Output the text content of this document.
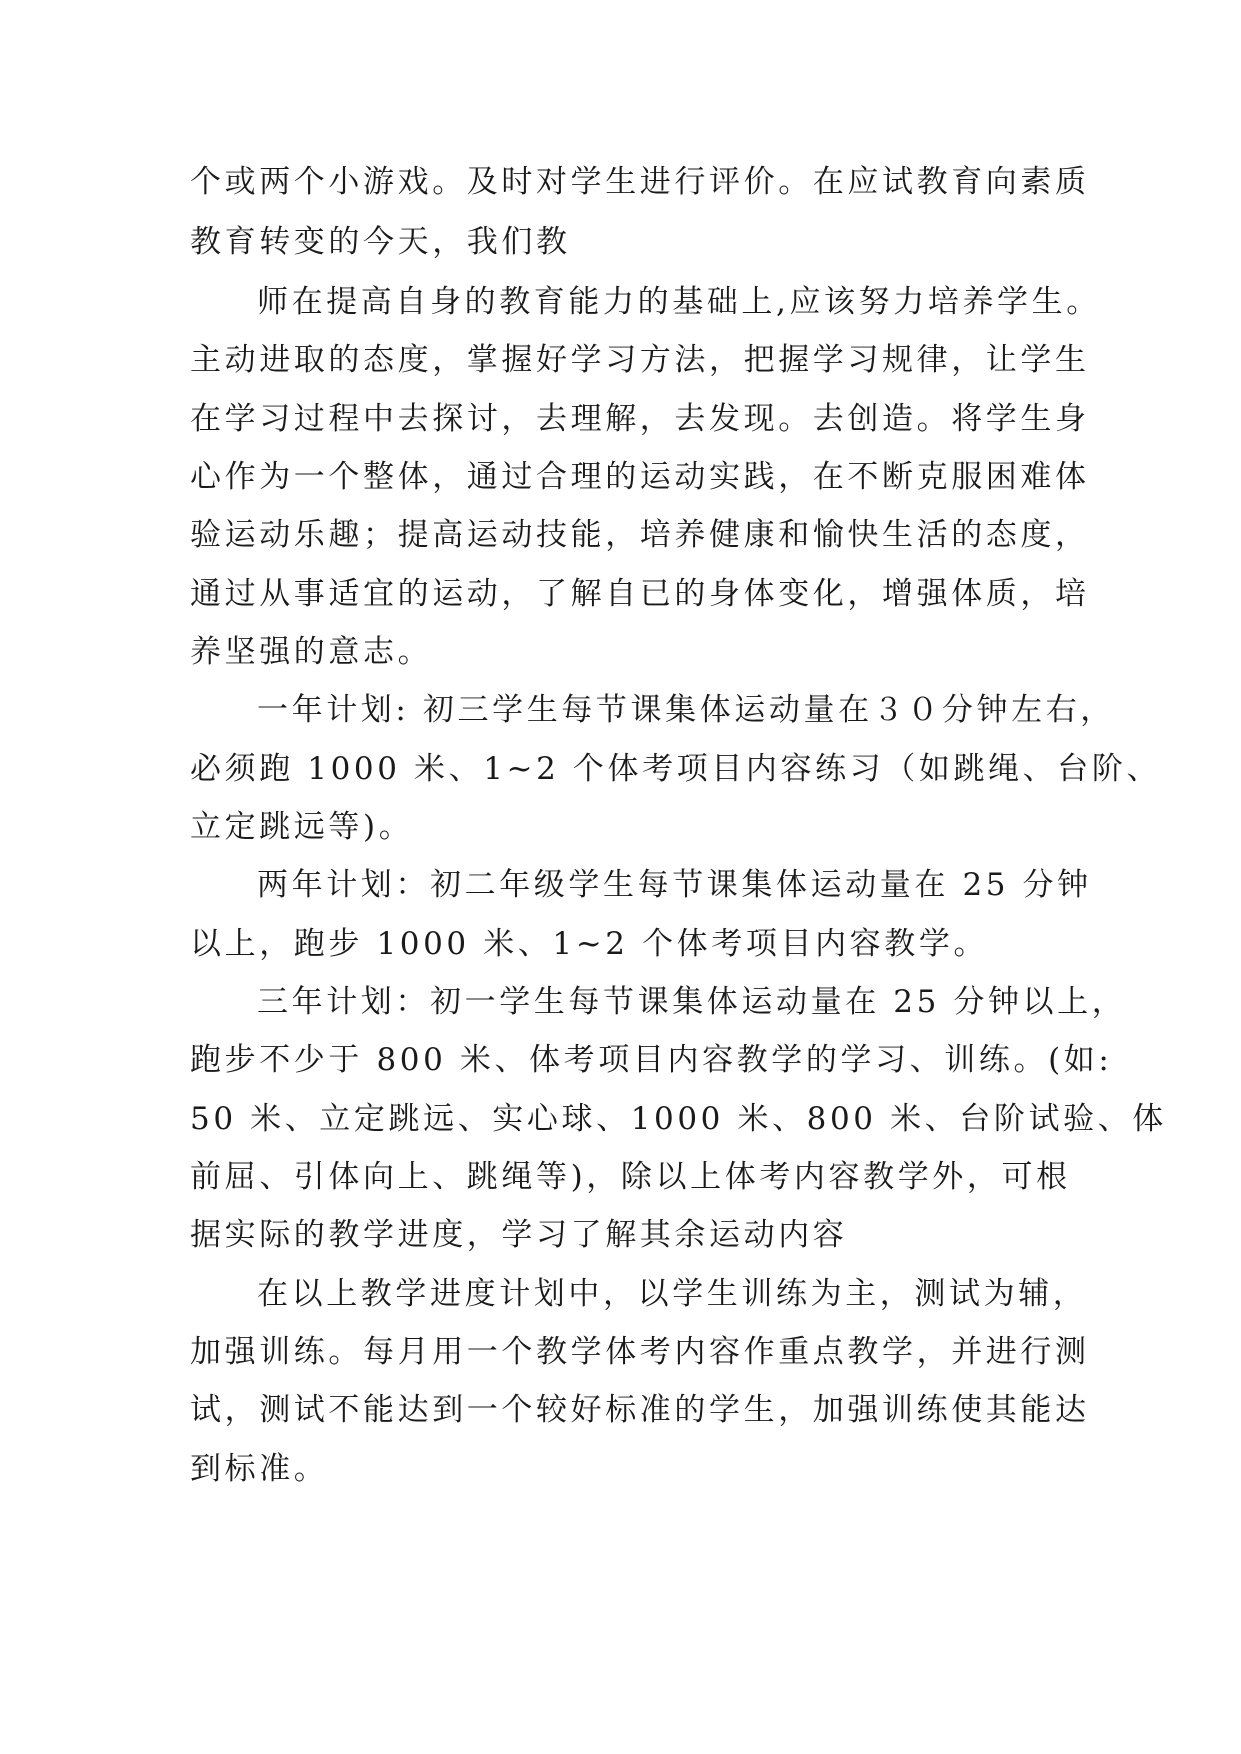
个或两个小游戏。及时对学生进行评价。在应试教育向素质
教育转变的今天，我们教
师在提高自身的教育能力的基础上,应该努力培养学生。
主动进取的态度，掌握好学习方法，把握学习规律，让学生
在学习过程中去探讨，去理解，去发现。去创造。将学生身
心作为一个整体，通过合理的运动实践，在不断克服困难体
验运动乐趣；提高运动技能，培养健康和愉快生活的态度，
通过从事适宜的运动，了解自已的身体变化，增强体质，培
养坚强的意志。
一年计划: 初三学生每节课集体运动量在３０分钟左右，
必须跑 1000 米、1~2 个体考项目内容练习（如跳绳、台阶、
立定跳远等)。
两年计划：初二年级学生每节课集体运动量在 25 分钟
以上，跑步 1000 米、1~2 个体考项目内容教学。
三年计划：初一学生每节课集体运动量在 25 分钟以上，
跑步不少于 800 米、体考项目内容教学的学习、训练。(如:
50 米、立定跳远、实心球、1000 米、800 米、台阶试验、体
前屈、引体向上、跳绳等)，除以上体考内容教学外，可根
据实际的教学进度，学习了解其余运动内容
在以上教学进度计划中，以学生训练为主，测试为辅，
加强训练。每月用一个教学体考内容作重点教学，并进行测
试，测试不能达到一个较好标准的学生，加强训练使其能达
到标准。
